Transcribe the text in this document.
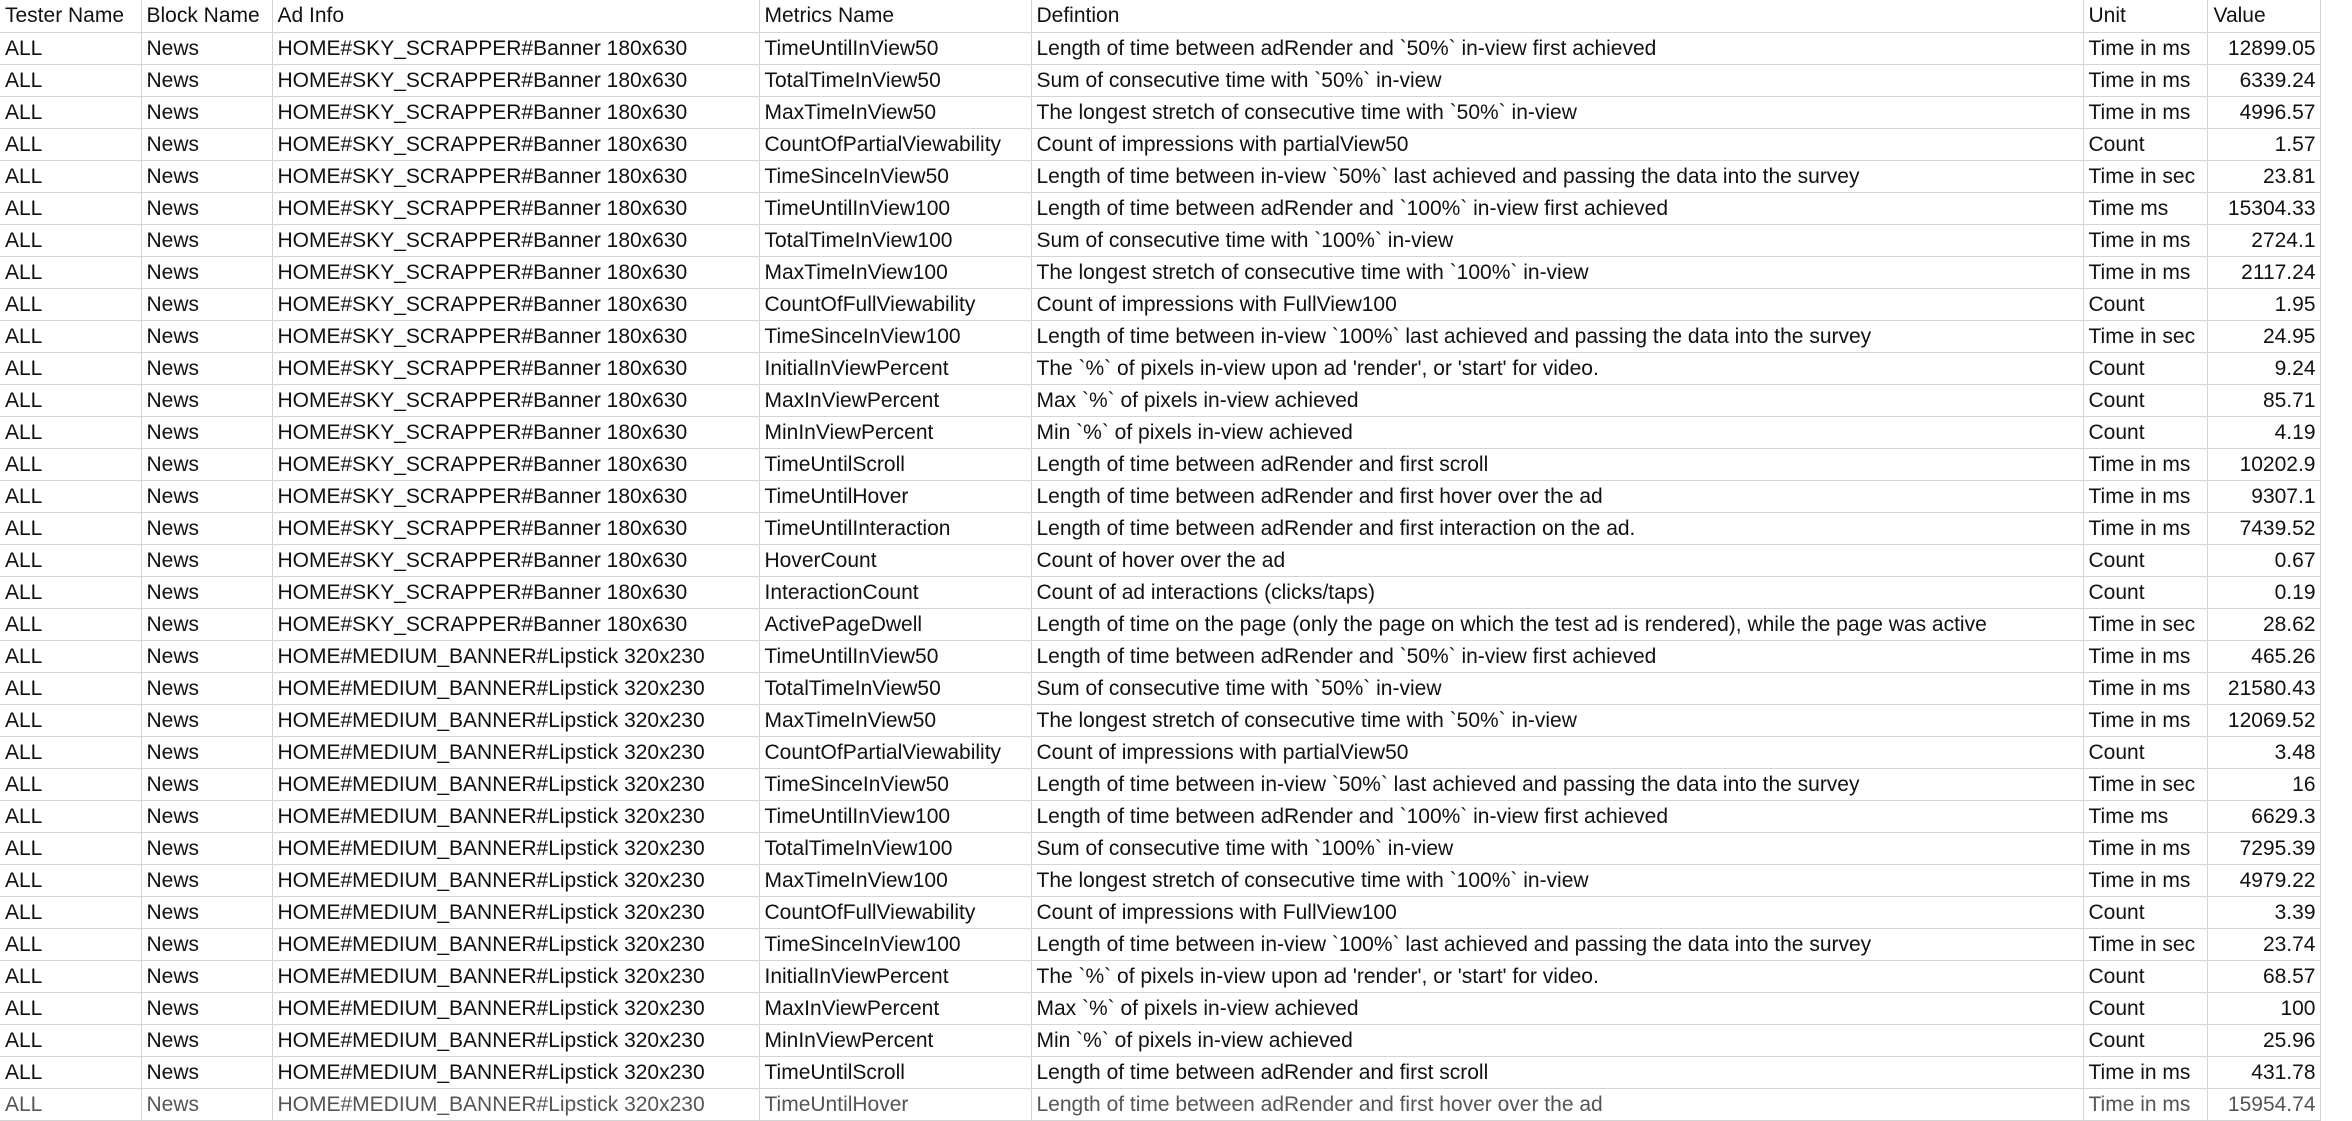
Tester Name	Block Name	Ad Info	Metrics Name	Defintion	Unit	Value
ALL	News	HOME#SKY_SCRAPPER#Banner 180x630	TimeUntilInView50	Length of time between adRender and `50%` in-view first achieved	Time in ms	12899.05
ALL	News	HOME#SKY_SCRAPPER#Banner 180x630	TotalTimeInView50	Sum of consecutive time with `50%` in-view	Time in ms	6339.24
ALL	News	HOME#SKY_SCRAPPER#Banner 180x630	MaxTimeInView50	The longest stretch of consecutive time with `50%` in-view	Time in ms	4996.57
ALL	News	HOME#SKY_SCRAPPER#Banner 180x630	CountOfPartialViewability	Count of impressions with partialView50	Count	1.57
ALL	News	HOME#SKY_SCRAPPER#Banner 180x630	TimeSinceInView50	Length of time between in-view `50%` last achieved and passing the data into the survey	Time in sec	23.81
ALL	News	HOME#SKY_SCRAPPER#Banner 180x630	TimeUntilInView100	Length of time between adRender and `100%` in-view first achieved	Time ms	15304.33
ALL	News	HOME#SKY_SCRAPPER#Banner 180x630	TotalTimeInView100	Sum of consecutive time with `100%` in-view	Time in ms	2724.1
ALL	News	HOME#SKY_SCRAPPER#Banner 180x630	MaxTimeInView100	The longest stretch of consecutive time with `100%` in-view	Time in ms	2117.24
ALL	News	HOME#SKY_SCRAPPER#Banner 180x630	CountOfFullViewability	Count of impressions with FullView100	Count	1.95
ALL	News	HOME#SKY_SCRAPPER#Banner 180x630	TimeSinceInView100	Length of time between in-view `100%` last achieved and passing the data into the survey	Time in sec	24.95
ALL	News	HOME#SKY_SCRAPPER#Banner 180x630	InitialInViewPercent	The `%` of pixels in-view upon ad 'render', or 'start' for video.	Count	9.24
ALL	News	HOME#SKY_SCRAPPER#Banner 180x630	MaxInViewPercent	Max `%` of pixels in-view achieved	Count	85.71
ALL	News	HOME#SKY_SCRAPPER#Banner 180x630	MinInViewPercent	Min `%` of pixels in-view achieved	Count	4.19
ALL	News	HOME#SKY_SCRAPPER#Banner 180x630	TimeUntilScroll	Length of time between adRender and first scroll	Time in ms	10202.9
ALL	News	HOME#SKY_SCRAPPER#Banner 180x630	TimeUntilHover	Length of time between adRender and first hover over the ad	Time in ms	9307.1
ALL	News	HOME#SKY_SCRAPPER#Banner 180x630	TimeUntilInteraction	Length of time between adRender and first interaction on the ad.	Time in ms	7439.52
ALL	News	HOME#SKY_SCRAPPER#Banner 180x630	HoverCount	Count of hover over the ad	Count	0.67
ALL	News	HOME#SKY_SCRAPPER#Banner 180x630	InteractionCount	Count of ad interactions (clicks/taps)	Count	0.19
ALL	News	HOME#SKY_SCRAPPER#Banner 180x630	ActivePageDwell	Length of time on the page (only the page on which the test ad is rendered), while the page was active	Time in sec	28.62
ALL	News	HOME#MEDIUM_BANNER#Lipstick 320x230	TimeUntilInView50	Length of time between adRender and `50%` in-view first achieved	Time in ms	465.26
ALL	News	HOME#MEDIUM_BANNER#Lipstick 320x230	TotalTimeInView50	Sum of consecutive time with `50%` in-view	Time in ms	21580.43
ALL	News	HOME#MEDIUM_BANNER#Lipstick 320x230	MaxTimeInView50	The longest stretch of consecutive time with `50%` in-view	Time in ms	12069.52
ALL	News	HOME#MEDIUM_BANNER#Lipstick 320x230	CountOfPartialViewability	Count of impressions with partialView50	Count	3.48
ALL	News	HOME#MEDIUM_BANNER#Lipstick 320x230	TimeSinceInView50	Length of time between in-view `50%` last achieved and passing the data into the survey	Time in sec	16
ALL	News	HOME#MEDIUM_BANNER#Lipstick 320x230	TimeUntilInView100	Length of time between adRender and `100%` in-view first achieved	Time ms	6629.3
ALL	News	HOME#MEDIUM_BANNER#Lipstick 320x230	TotalTimeInView100	Sum of consecutive time with `100%` in-view	Time in ms	7295.39
ALL	News	HOME#MEDIUM_BANNER#Lipstick 320x230	MaxTimeInView100	The longest stretch of consecutive time with `100%` in-view	Time in ms	4979.22
ALL	News	HOME#MEDIUM_BANNER#Lipstick 320x230	CountOfFullViewability	Count of impressions with FullView100	Count	3.39
ALL	News	HOME#MEDIUM_BANNER#Lipstick 320x230	TimeSinceInView100	Length of time between in-view `100%` last achieved and passing the data into the survey	Time in sec	23.74
ALL	News	HOME#MEDIUM_BANNER#Lipstick 320x230	InitialInViewPercent	The `%` of pixels in-view upon ad 'render', or 'start' for video.	Count	68.57
ALL	News	HOME#MEDIUM_BANNER#Lipstick 320x230	MaxInViewPercent	Max `%` of pixels in-view achieved	Count	100
ALL	News	HOME#MEDIUM_BANNER#Lipstick 320x230	MinInViewPercent	Min `%` of pixels in-view achieved	Count	25.96
ALL	News	HOME#MEDIUM_BANNER#Lipstick 320x230	TimeUntilScroll	Length of time between adRender and first scroll	Time in ms	431.78
ALL	News	HOME#MEDIUM_BANNER#Lipstick 320x230	TimeUntilHover	Length of time between adRender and first hover over the ad	Time in ms	15954.74
